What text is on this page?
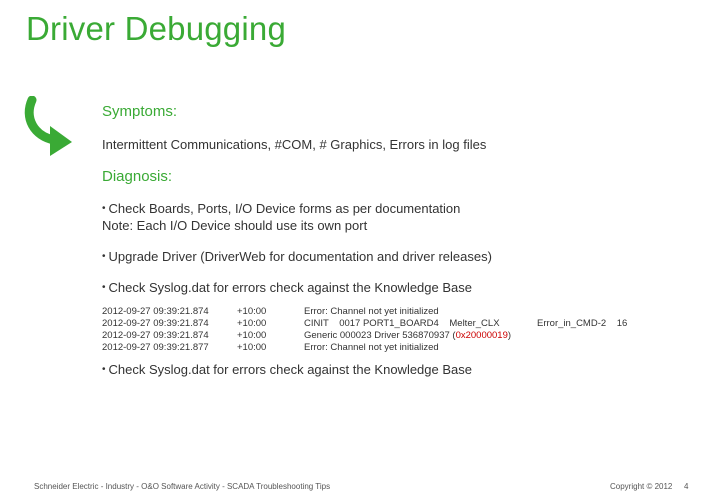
Driver Debugging
Symptoms:
Intermittent Communications, #COM, # Graphics, Errors in log files
Diagnosis:
• Check Boards, Ports, I/O Device forms as per documentation
Note: Each I/O Device should use its own port
• Upgrade Driver (DriverWeb for documentation and driver releases)
• Check Syslog.dat for errors check against the Knowledge Base
2012-09-27 09:39:21.874	+10:00	Error: Channel not yet initialized
2012-09-27 09:39:21.874	+10:00	CINIT    0017 PORT1_BOARD4    Melter_CLX	Error_in_CMD-2    16
2012-09-27 09:39:21.874	+10:00	Generic 000023 Driver 536870937 (0x20000019)
2012-09-27 09:39:21.877	+10:00	Error: Channel not yet initialized
• Check Syslog.dat for errors check against the Knowledge Base
Schneider Electric - Industry - O&O Software Activity - SCADA Troubleshooting Tips	Copyright © 2012 4
